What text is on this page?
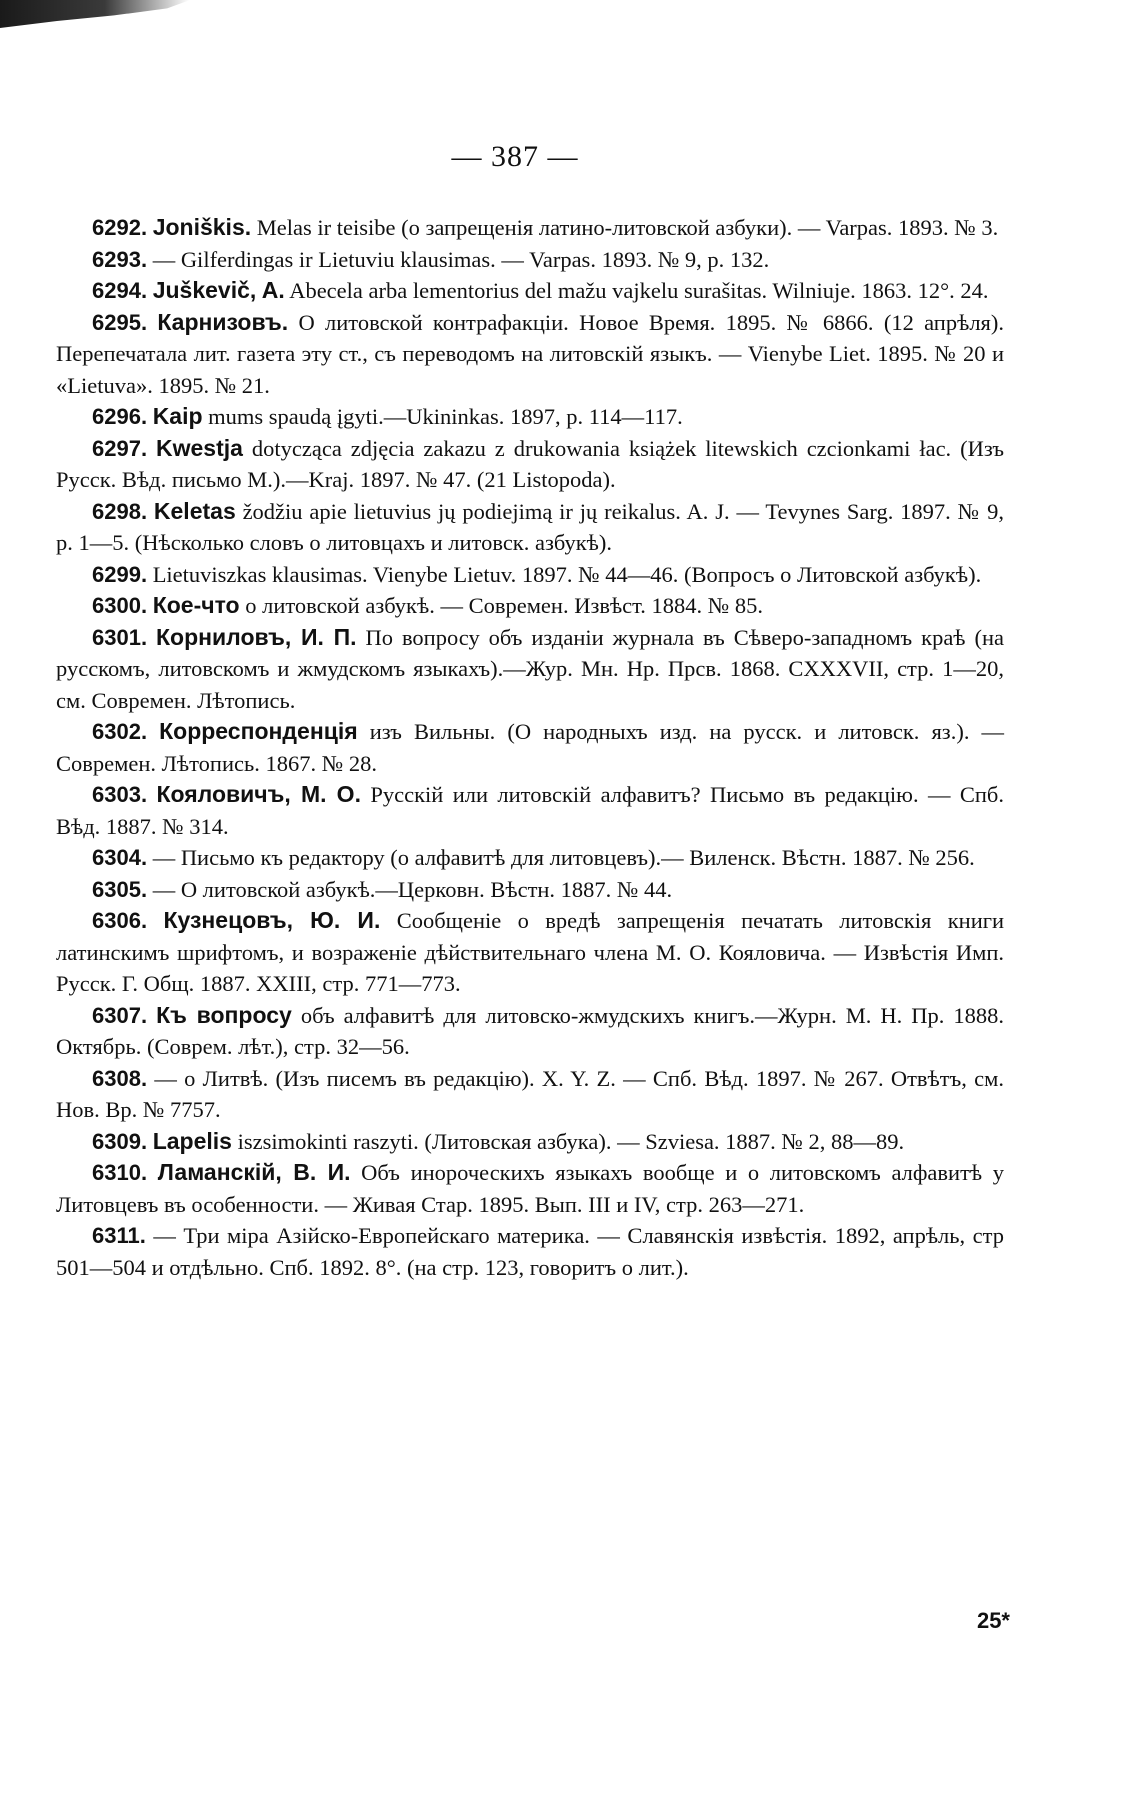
— 387 —

6292. Joniškis. Melas ir teisibe (о запрещенія латино-литовской азбуки). — Varpas. 1893. № 3.

6293. — Gilferdingas ir Lietuviu klausimas. — Varpas. 1893. № 9, p. 132.

6294. Juškevič, A. Abecela arba lementorius del mažu vajkelu surašitas. Wilniuje. 1863. 12°. 24.

6295. Карнизовъ. О литовской контрафакціи. Новое Время. 1895. № 6866. (12 апрѣля). Перепечатала лит. газета эту ст., съ переводомъ на литовскій языкъ. — Vienybe Liet. 1895. № 20 и «Lietuva». 1895. № 21.

6296. Kaip mums spaudą įgyti.—Ukininkas. 1897, p. 114—117.

6297. Kwestja dotycząca zdjęcia zakazu z drukowania książek litewskich czcionkami łac. (Изъ Русск. Вѣд. письмо М.).—Kraj. 1897. № 47. (21 Listopoda).

6298. Keletas žodžiu apie lietuvius jų podiejimą ir jų reikalus. A. J. — Tevynes Sarg. 1897. № 9, p. 1—5. (Нѣсколько словъ о литовцахъ и литовск. азбукѣ).

6299. Lietuviszkas klausimas. Vienybe Lietuv. 1897. № 44—46. (Вопросъ о Литовской азбукѣ).

6300. Кое-что о литовской азбукѣ. — Современ. Извѣст. 1884. № 85.

6301. Корниловъ, И. П. По вопросу объ изданіи журнала въ Сѣверо-западномъ краѣ (на русскомъ, литовскомъ и жмудскомъ языкахъ).—Жур. Мн. Нр. Прсв. 1868. CXXXVII, стр. 1—20, см. Современ. Лѣтопись.

6302. Корреспонденція изъ Вильны. (О народныхъ изд. на русск. и литовск. яз.). — Современ. Лѣтопись. 1867. № 28.

6303. Кояловичъ, М. О. Русскій или литовскій алфавитъ? Письмо въ редакцію. — Спб. Вѣд. 1887. № 314.

6304. — Письмо къ редактору (о алфавитѣ для литовцевъ).— Виленск. Вѣстн. 1887. № 256.

6305. — О литовской азбукѣ.—Церковн. Вѣстн. 1887. № 44.

6306. Кузнецовъ, Ю. И. Сообщеніе о вредѣ запрещенія печатать литовскія книги латинскимъ шрифтомъ, и возраженіе дѣйствительнаго члена М. О. Кояловича. — Извѣстія Имп. Русск. Г. Общ. 1887. XXIII, стр. 771—773.

6307. Къ вопросу объ алфавитѣ для литовско-жмудскихъ книгъ.—Журн. М. Н. Пр. 1888. Октябрь. (Соврем. лѣт.), стр. 32—56.

6308. — о Литвѣ. (Изъ писемъ въ редакцію). X. Y. Z. — Спб. Вѣд. 1897. № 267. Отвѣтъ, см. Нов. Вр. № 7757.

6309. Lapelis iszsimokinti raszyti. (Литовская азбука). — Szviesa. 1887. № 2, 88—89.

6310. Ламанскій, В. И. Объ инороческихъ языкахъ вообще и о литовскомъ алфавитѣ у Литовцевъ въ особенности. — Живая Стар. 1895. Вып. III и IV, стр. 263—271.

6311. — Три міра Азійско-Европейскаго материка. — Славянскія извѣстія. 1892, апрѣль, стр 501—504 и отдѣльно. Спб. 1892. 8°. (на стр. 123, говоритъ о лит.).

25*
